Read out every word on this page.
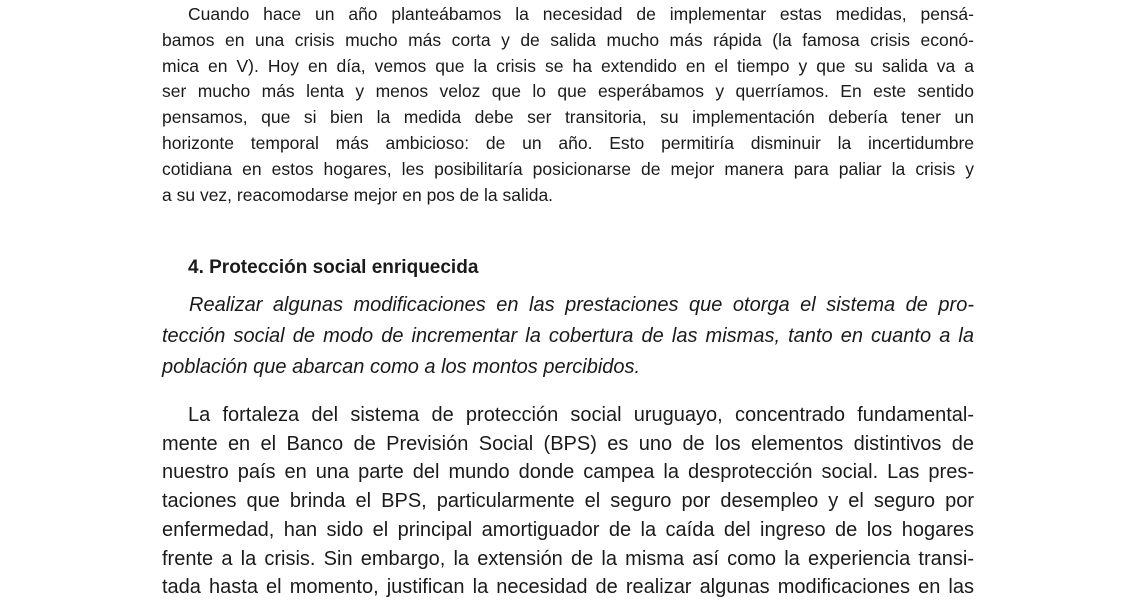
Cuando hace un año planteábamos la necesidad de implementar estas medidas, pensá-
bamos en una crisis mucho más corta y de salida mucho más rápida (la famosa crisis econó-
mica en V). Hoy en día, vemos que la crisis se ha extendido en el tiempo y que su salida va a
ser mucho más lenta y menos veloz que lo que esperábamos y querríamos. En este sentido
pensamos, que si bien la medida debe ser transitoria, su implementación debería tener un
horizonte temporal más ambicioso: de un año. Esto permitiría disminuir la incertidumbre
cotidiana en estos hogares, les posibilitaría posicionarse de mejor manera para paliar la crisis y
a su vez, reacomodarse mejor en pos de la salida.
4. Protección social enriquecida
Realizar algunas modificaciones en las prestaciones que otorga el sistema de pro-
tección social de modo de incrementar la cobertura de las mismas, tanto en cuanto a la
población que abarcan como a los montos percibidos.
La fortaleza del sistema de protección social uruguayo, concentrado fundamental-
mente en el Banco de Previsión Social (BPS) es uno de los elementos distintivos de
nuestro país en una parte del mundo donde campea la desprotección social. Las pres-
taciones que brinda el BPS, particularmente el seguro por desempleo y el seguro por
enfermedad, han sido el principal amortiguador de la caída del ingreso de los hogares
frente a la crisis. Sin embargo, la extensión de la misma así como la experiencia transi-
tada hasta el momento, justifican la necesidad de realizar algunas modificaciones en las
